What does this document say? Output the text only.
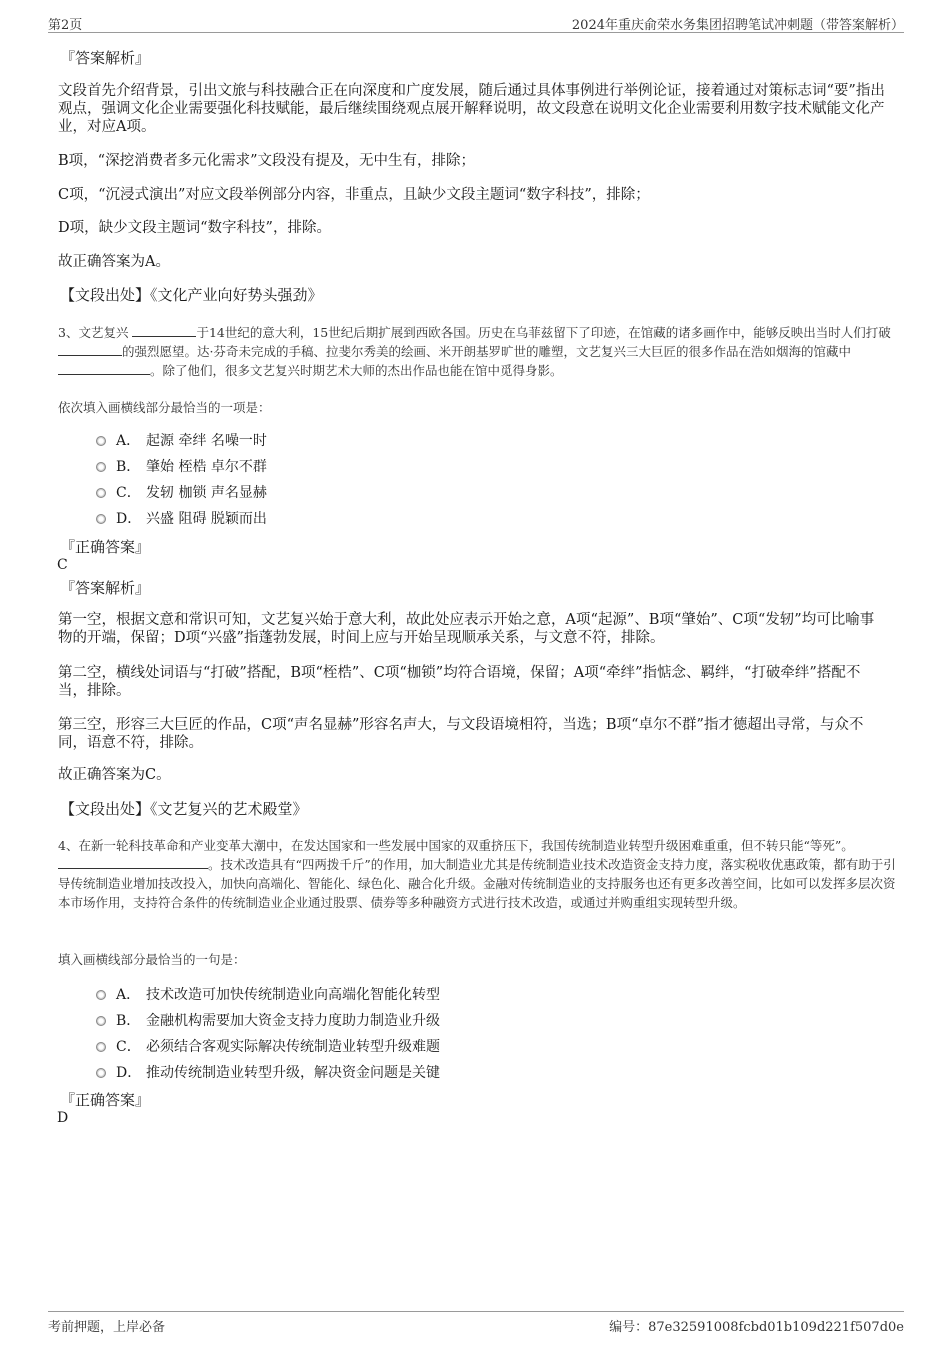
第2页	2024年重庆俞荣水务集团招聘笔试冲刺题（带答案解析）
『答案解析』
文段首先介绍背景，引出文旅与科技融合正在向深度和广度发展，随后通过具体事例进行举例论证，接着通过对策标志词“要”指出观点，强调文化企业需要强化科技赋能，最后继续围绕观点展开解释说明，故文段意在说明文化企业需要利用数字技术赋能文化产业，对应A项。
B项，“深挖消费者多元化需求”文段没有提及，无中生有，排除；
C项，“沉浸式演出”对应文段举例部分内容，非重点，且缺少文段主题词“数字科技”，排除；
D项，缺少文段主题词“数字科技”，排除。
故正确答案为A。
【文段出处】《文化产业向好势头强劲》
3、文艺复兴	于14世纪的意大利，15世纪后期扩展到西欧各国。历史在乌菲兹留下了印迹，在馆藏的诸多画作中，能够反映出当时人们打破的强烈愿望。达·芬奇未完成的手稿、拉斐尔秀美的绘画、米开朗基罗旷世的雕塑，文艺复兴三大巨匠的很多作品在浩如烟海的馆藏中 。除了他们，很多文艺复兴时期艺术大师的杰出作品也能在馆中觅得身影。
依次填入画横线部分最恰当的一项是：
A． 起源 牵绊 名噪一时
B． 肇始 桎梏 卓尔不群
C． 发轫 枷锁 声名显赫
D． 兴盛 阻碍 脱颖而出
『正确答案』
C
『答案解析』
第一空，根据文意和常识可知，文艺复兴始于意大利，故此处应表示开始之意，A项“起源”、B项“肇始”、C项“发轫”均可比喻事物的开端，保留；D项“兴盛”指蓬勃发展，时间上应与开始呈现顺承关系，与文意不符，排除。
第二空，横线处词语与“打破”搭配，B项“桎梏”、C项“枷锁”均符合语境，保留；A项“牵绊”指惦念、羁绊，“打破牵绊”搭配不当，排除。
第三空，形容三大巨匠的作品，C项“声名显赫”形容名声大，与文段语境相符，当选；B项“卓尔不群”指才德超出寻常，与众不同，语意不符，排除。
故正确答案为C。
【文段出处】《文艺复兴的艺术殿堂》
4、在新一轮科技革命和产业变革大潮中，在发达国家和一些发展中国家的双重挤压下，我国传统制造业转型升级困难重重，但不转只能“等死”。。技术改造具有“四两拨千斤”的作用，加大制造业尤其是传统制造业技术改造资金支持力度，落实税收优惠政策，都有助于引导传统制造业增加技改投入，加快向高端化、智能化、绿色化、融合化升级。金融对传统制造业的支持服务也还有更多改善空间，比如可以发挥多层次资本市场作用，支持符合条件的传统制造业企业通过股票、债券等多种融资方式进行技术改造，或通过并购重组实现转型升级。
填入画横线部分最恰当的一句是：
A． 技术改造可加快传统制造业向高端化智能化转型
B． 金融机构需要加大资金支持力度助力制造业升级
C． 必须结合客观实际解决传统制造业转型升级难题
D． 推动传统制造业转型升级，解决资金问题是关键
『正确答案』
D
考前押题，上岸必备	编号：87e32591008fcbd01b109d221f507d0e
